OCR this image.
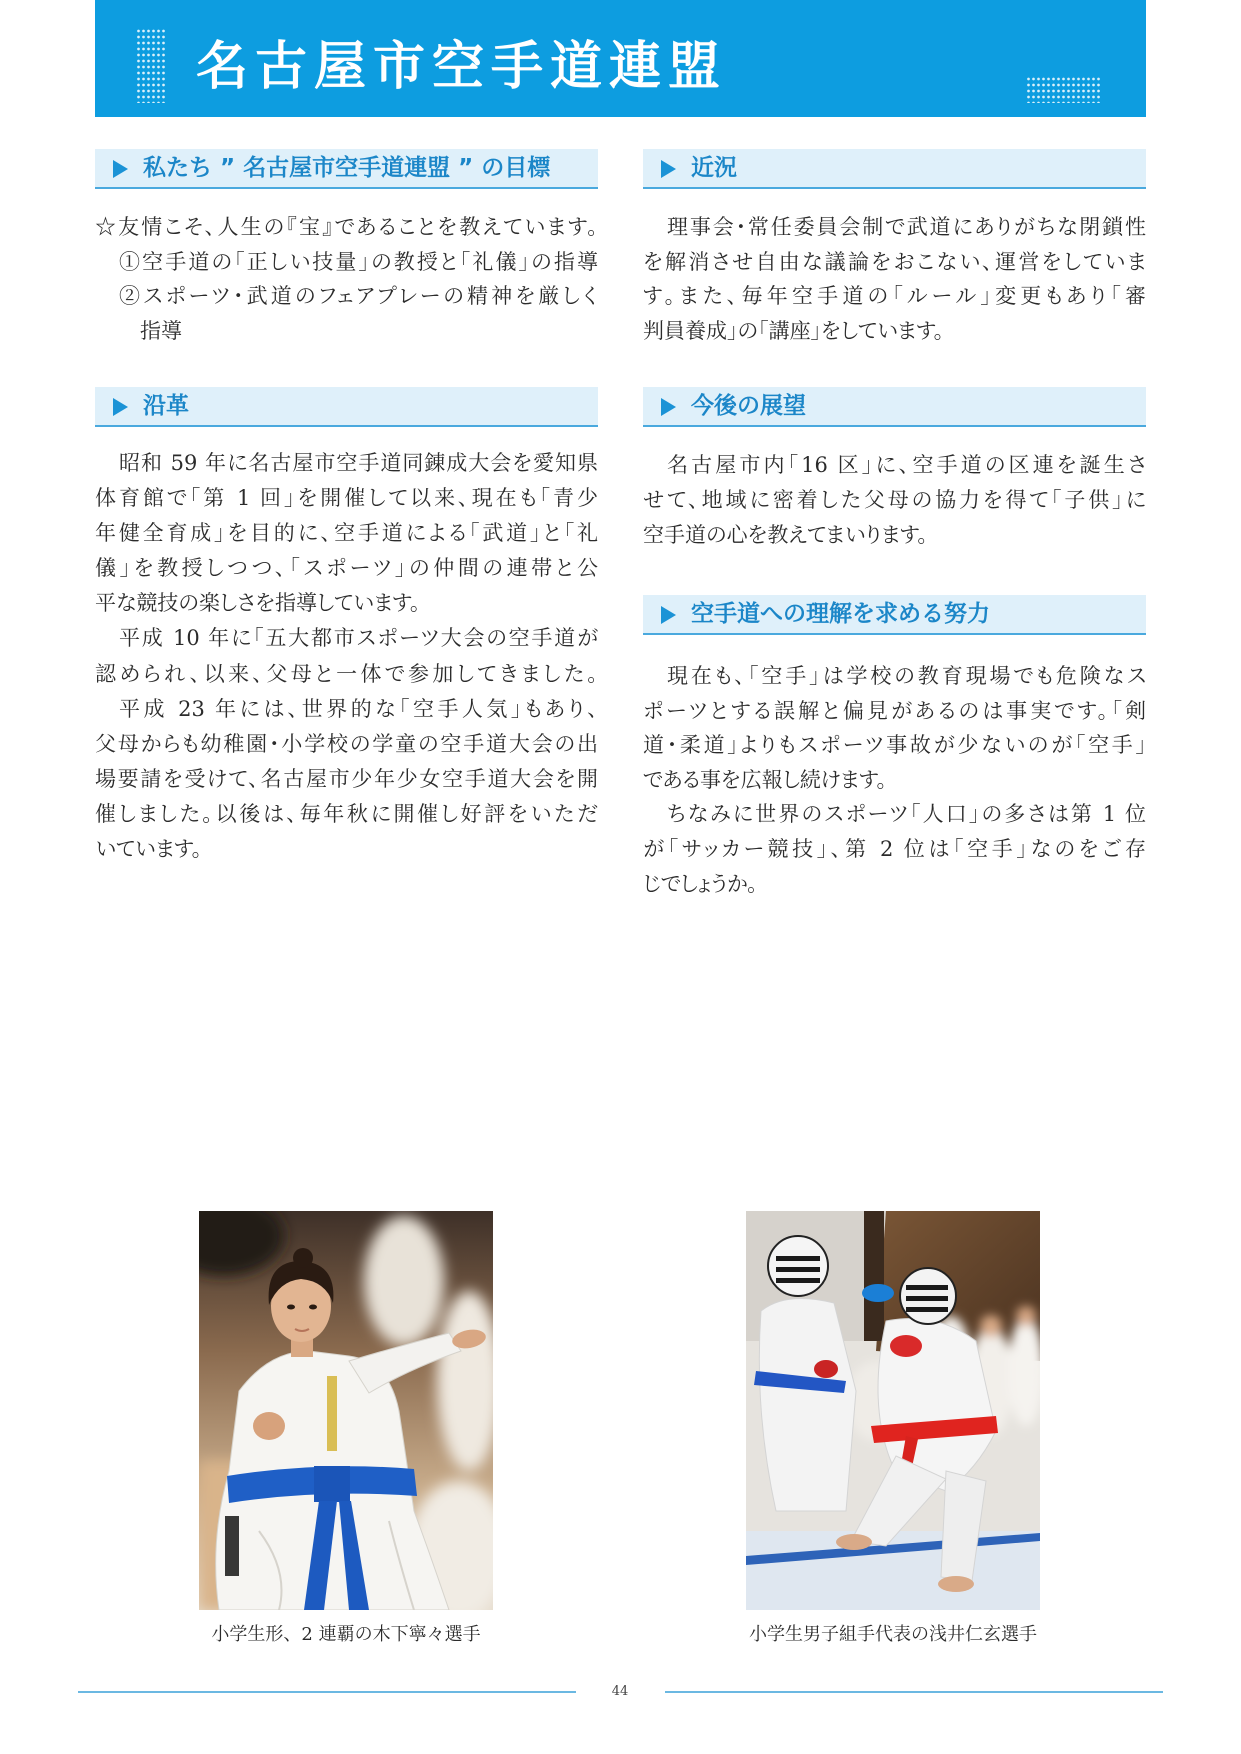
名古屋市空手道連盟
私たち ” 名古屋市空手道連盟 ” の目標
☆友情こそ、人生の『宝』であることを教えています。
①空手道の「正しい技量」の教授と「礼儀」の指導
②スポーツ・武道のフェアプレーの精神を厳しく
指導
沿革
昭和 59 年に名古屋市空手道同錬成大会を愛知県
体育館で「第 1 回」を開催して以来、現在も「青少
年健全育成」を目的に、空手道による「武道」と「礼
儀」を教授しつつ、「スポーツ」の仲間の連帯と公
平な競技の楽しさを指導しています。
平成 10 年に「五大都市スポーツ大会の空手道が
認められ、以来、父母と一体で参加してきました。
平成 23 年には、世界的な「空手人気」もあり、
父母からも幼稚園・小学校の学童の空手道大会の出
場要請を受けて、名古屋市少年少女空手道大会を開
催しました。以後は、毎年秋に開催し好評をいただ
いています。
近況
理事会・常任委員会制で武道にありがちな閉鎖性
を解消させ自由な議論をおこない、運営をしていま
す。また、毎年空手道の「ルール」変更もあり「審
判員養成」の「講座」をしています。
今後の展望
名古屋市内「16 区」に、空手道の区連を誕生さ
せて、地域に密着した父母の協力を得て「子供」に
空手道の心を教えてまいります。
空手道への理解を求める努力
現在も、「空手」は学校の教育現場でも危険なス
ポーツとする誤解と偏見があるのは事実です。「剣
道・柔道」よりもスポーツ事故が少ないのが「空手」
である事を広報し続けます。
ちなみに世界のスポーツ「人口」の多さは第 1 位
が「サッカー競技」、第 2 位は「空手」なのをご存
じでしょうか。
小学生形、2 連覇の木下寧々選手	小学生男子組手代表の浅井仁玄選手
44
